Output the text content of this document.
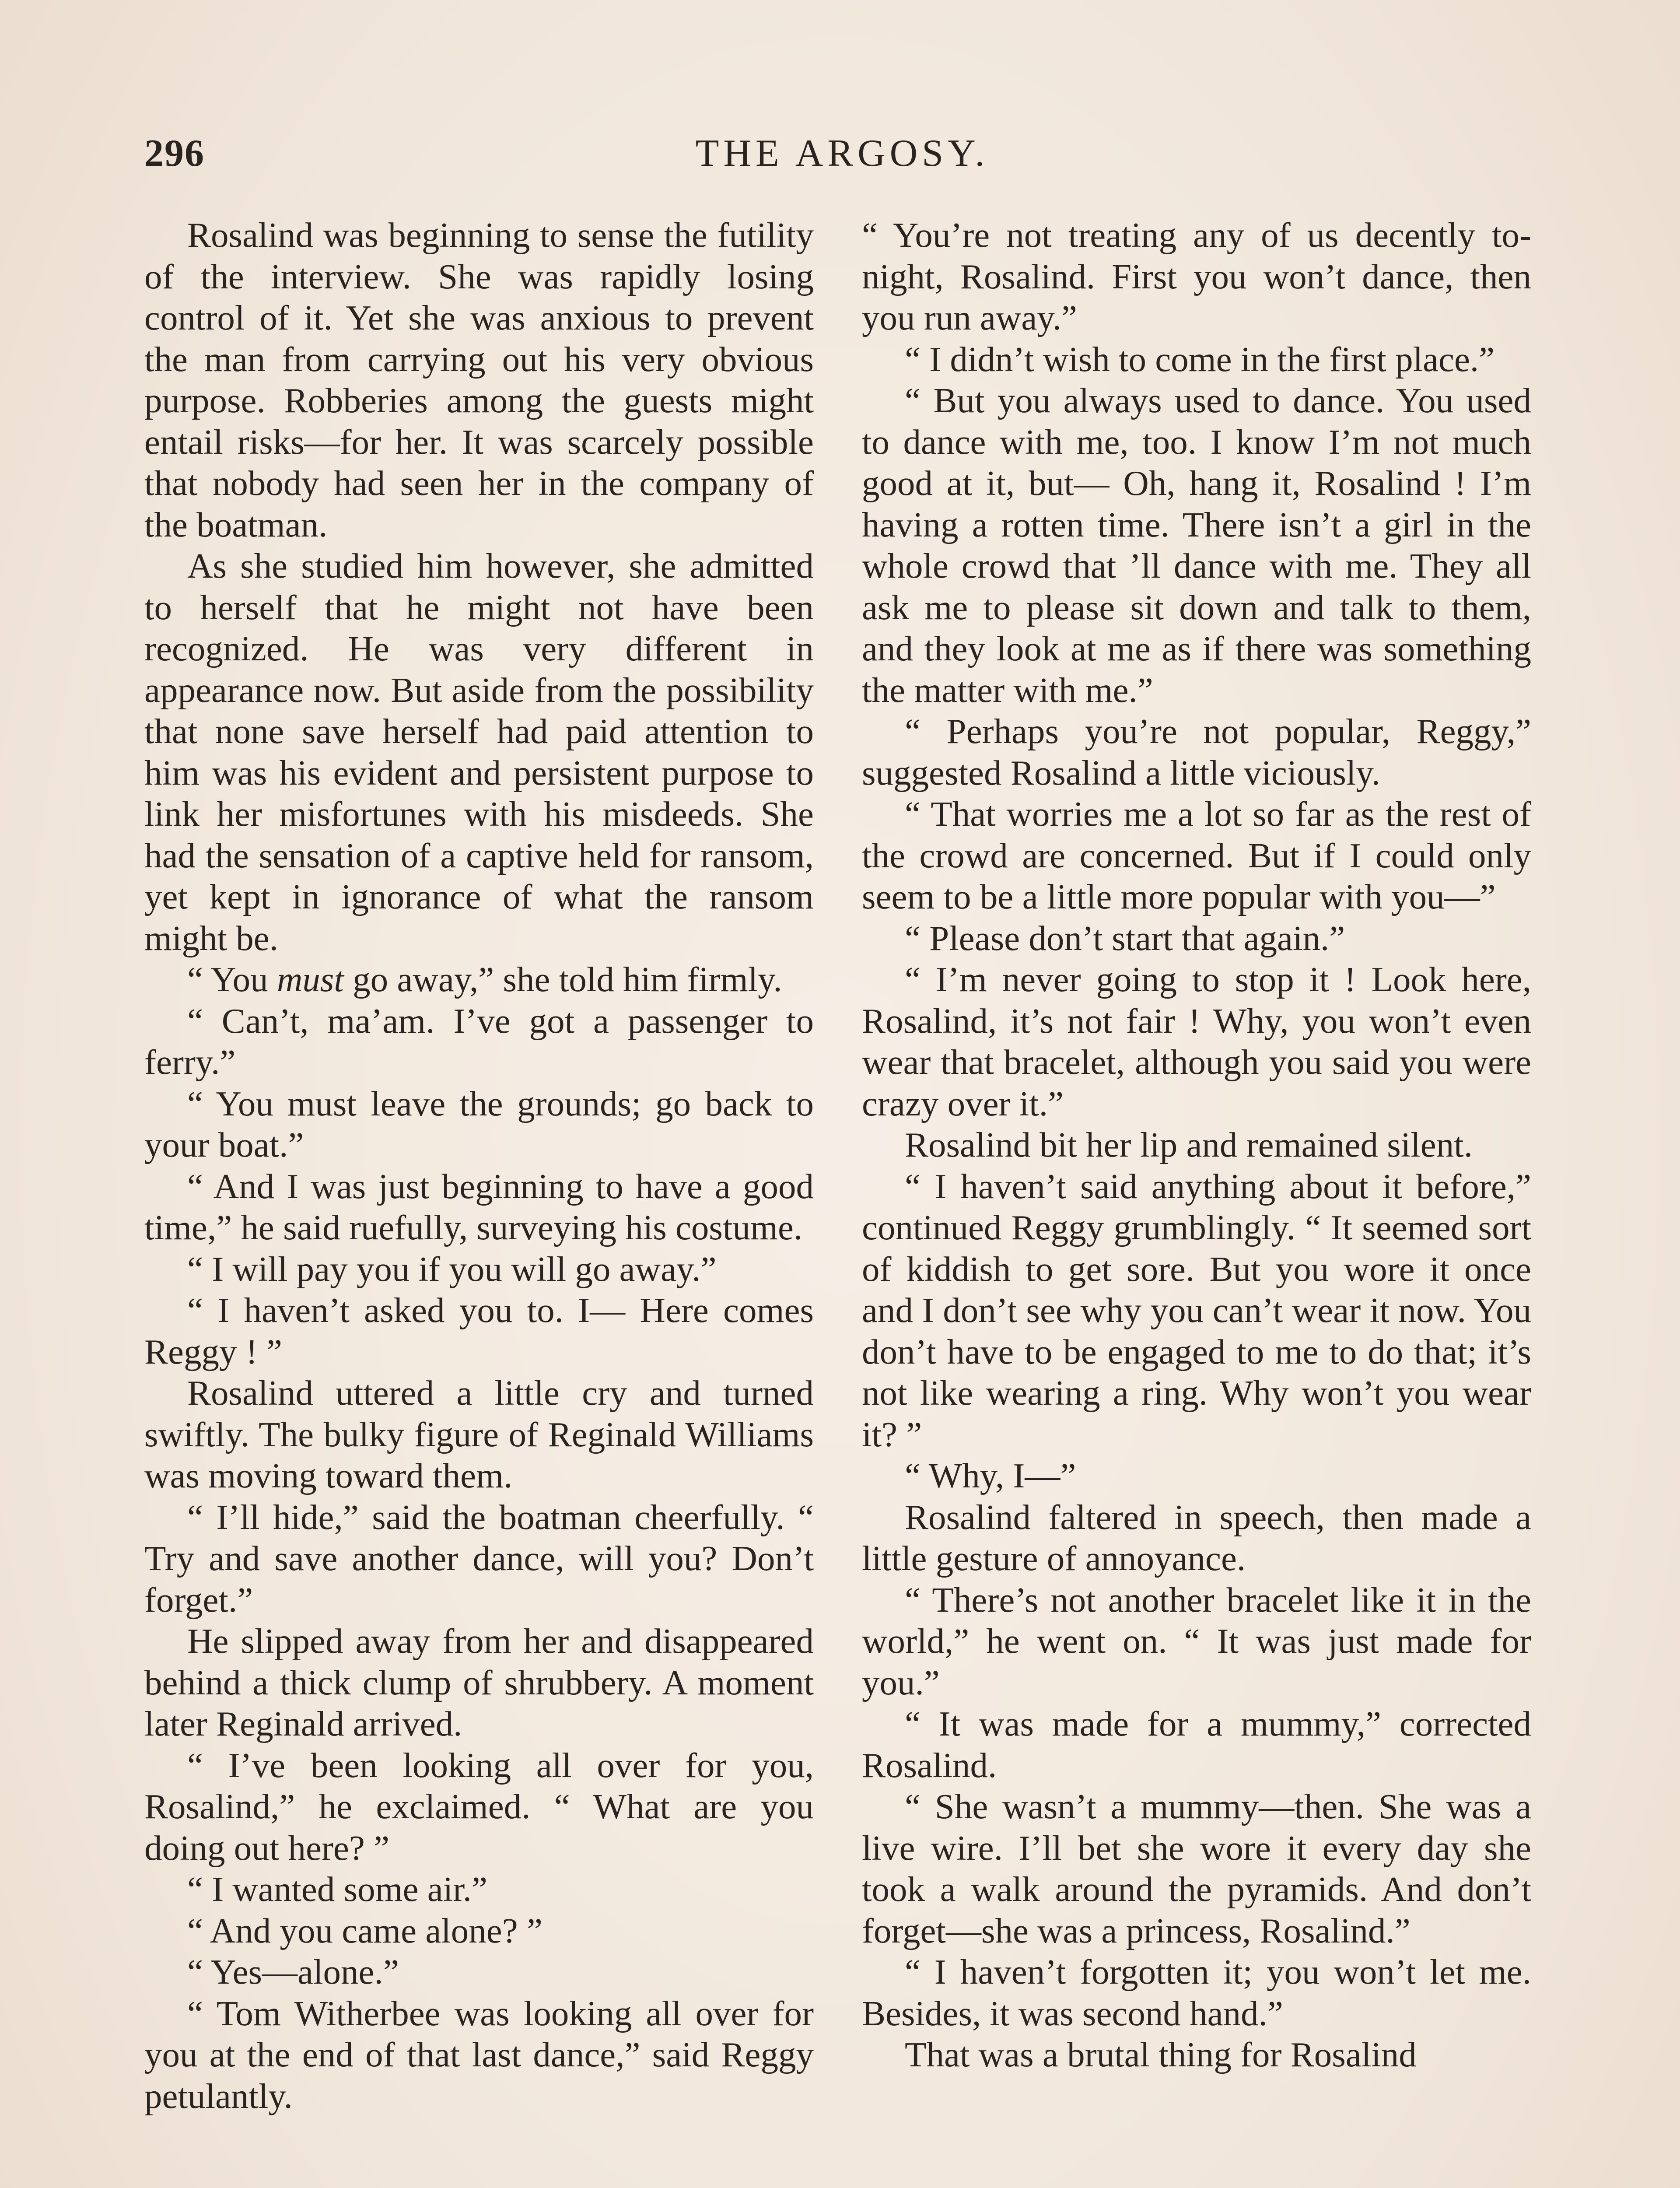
296	THE ARGOSY.

Rosalind was beginning to sense the futility of the interview. She was rapidly losing control of it. Yet she was anxious to prevent the man from carrying out his very obvious purpose. Robberies among the guests might entail risks—for her. It was scarcely possible that nobody had seen her in the company of the boatman.

As she studied him however, she admitted to herself that he might not have been recognized. He was very different in appearance now. But aside from the possibility that none save herself had paid attention to him was his evident and persistent purpose to link her misfortunes with his misdeeds. She had the sensation of a captive held for ransom, yet kept in ignorance of what the ransom might be.

“ You must go away,” she told him firmly.

“ Can’t, ma’am. I’ve got a passenger to ferry.”

“ You must leave the grounds; go back to your boat.”

“ And I was just beginning to have a good time,” he said ruefully, surveying his costume.

“ I will pay you if you will go away.”

“ I haven’t asked you to. I— Here comes Reggy ! ”

Rosalind uttered a little cry and turned swiftly. The bulky figure of Reginald Williams was moving toward them.

“ I’ll hide,” said the boatman cheerfully. “ Try and save another dance, will you? Don’t forget.”

He slipped away from her and disappeared behind a thick clump of shrubbery. A moment later Reginald arrived.

“ I’ve been looking all over for you, Rosalind,” he exclaimed. “ What are you doing out here? ”

“ I wanted some air.”

“ And you came alone? ”

“ Yes—alone.”

“ Tom Witherbee was looking all over for you at the end of that last dance,” said Reggy petulantly.

“ You’re not treating any of us decently to-night, Rosalind. First you won’t dance, then you run away.”

“ I didn’t wish to come in the first place.”

“ But you always used to dance. You used to dance with me, too. I know I’m not much good at it, but— Oh, hang it, Rosalind ! I’m having a rotten time. There isn’t a girl in the whole crowd that ’ll dance with me. They all ask me to please sit down and talk to them, and they look at me as if there was something the matter with me.”

“ Perhaps you’re not popular, Reggy,” suggested Rosalind a little viciously.

“ That worries me a lot so far as the rest of the crowd are concerned. But if I could only seem to be a little more popular with you—”

“ Please don’t start that again.”

“ I’m never going to stop it ! Look here, Rosalind, it’s not fair ! Why, you won’t even wear that bracelet, although you said you were crazy over it.”

Rosalind bit her lip and remained silent.

“ I haven’t said anything about it before,” continued Reggy grumblingly. “ It seemed sort of kiddish to get sore. But you wore it once and I don’t see why you can’t wear it now. You don’t have to be engaged to me to do that; it’s not like wearing a ring. Why won’t you wear it? ”

“ Why, I—”

Rosalind faltered in speech, then made a little gesture of annoyance.

“ There’s not another bracelet like it in the world,” he went on. “ It was just made for you.”

“ It was made for a mummy,” corrected Rosalind.

“ She wasn’t a mummy—then. She was a live wire. I’ll bet she wore it every day she took a walk around the pyramids. And don’t forget—she was a princess, Rosalind.”

“ I haven’t forgotten it; you won’t let me. Besides, it was second hand.”

That was a brutal thing for Rosalind
